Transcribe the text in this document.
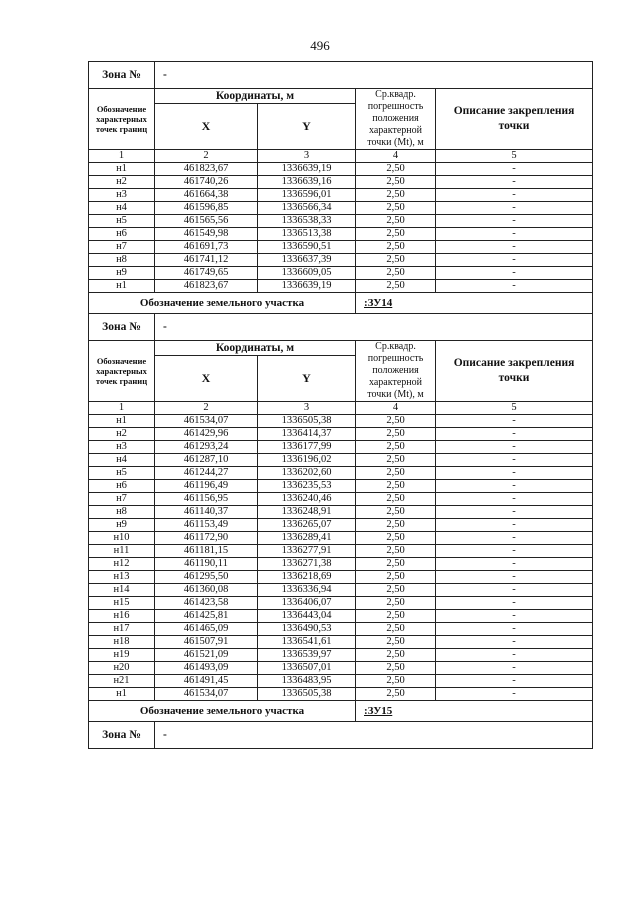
496
Зона №	-			
Обозначение характерных точек границ	Координаты, м		Ср.квадр. погрешность положения характерной точки (Mt), м	Описание закрепления точки
	X	Y		
1	2	3	4	5
н1	461823,67	1336639,19	2,50	-
н2	461740,26	1336639,16	2,50	-
н3	461664,38	1336596,01	2,50	-
н4	461596,85	1336566,34	2,50	-
н5	461565,56	1336538,33	2,50	-
н6	461549,98	1336513,38	2,50	-
н7	461691,73	1336590,51	2,50	-
н8	461741,12	1336637,39	2,50	-
н9	461749,65	1336609,05	2,50	-
н1	461823,67	1336639,19	2,50	-
Обозначение земельного участка			:ЗУ14	
Зона №	-			
Обозначение характерных точек границ	Координаты, м		Ср.квадр. погрешность положения характерной точки (Mt), м	Описание закрепления точки
	X	Y		
1	2	3	4	5
н1	461534,07	1336505,38	2,50	-
н2	461429,96	1336414,37	2,50	-
н3	461293,24	1336177,99	2,50	-
н4	461287,10	1336196,02	2,50	-
н5	461244,27	1336202,60	2,50	-
н6	461196,49	1336235,53	2,50	-
н7	461156,95	1336240,46	2,50	-
н8	461140,37	1336248,91	2,50	-
н9	461153,49	1336265,07	2,50	-
н10	461172,90	1336289,41	2,50	-
н11	461181,15	1336277,91	2,50	-
н12	461190,11	1336271,38	2,50	-
н13	461295,50	1336218,69	2,50	-
н14	461360,08	1336336,94	2,50	-
н15	461423,58	1336406,07	2,50	-
н16	461425,81	1336443,04	2,50	-
н17	461465,09	1336490,53	2,50	-
н18	461507,91	1336541,61	2,50	-
н19	461521,09	1336539,97	2,50	-
н20	461493,09	1336507,01	2,50	-
н21	461491,45	1336483,95	2,50	-
н1	461534,07	1336505,38	2,50	-
Обозначение земельного участка			:ЗУ15	
Зона №	-			
